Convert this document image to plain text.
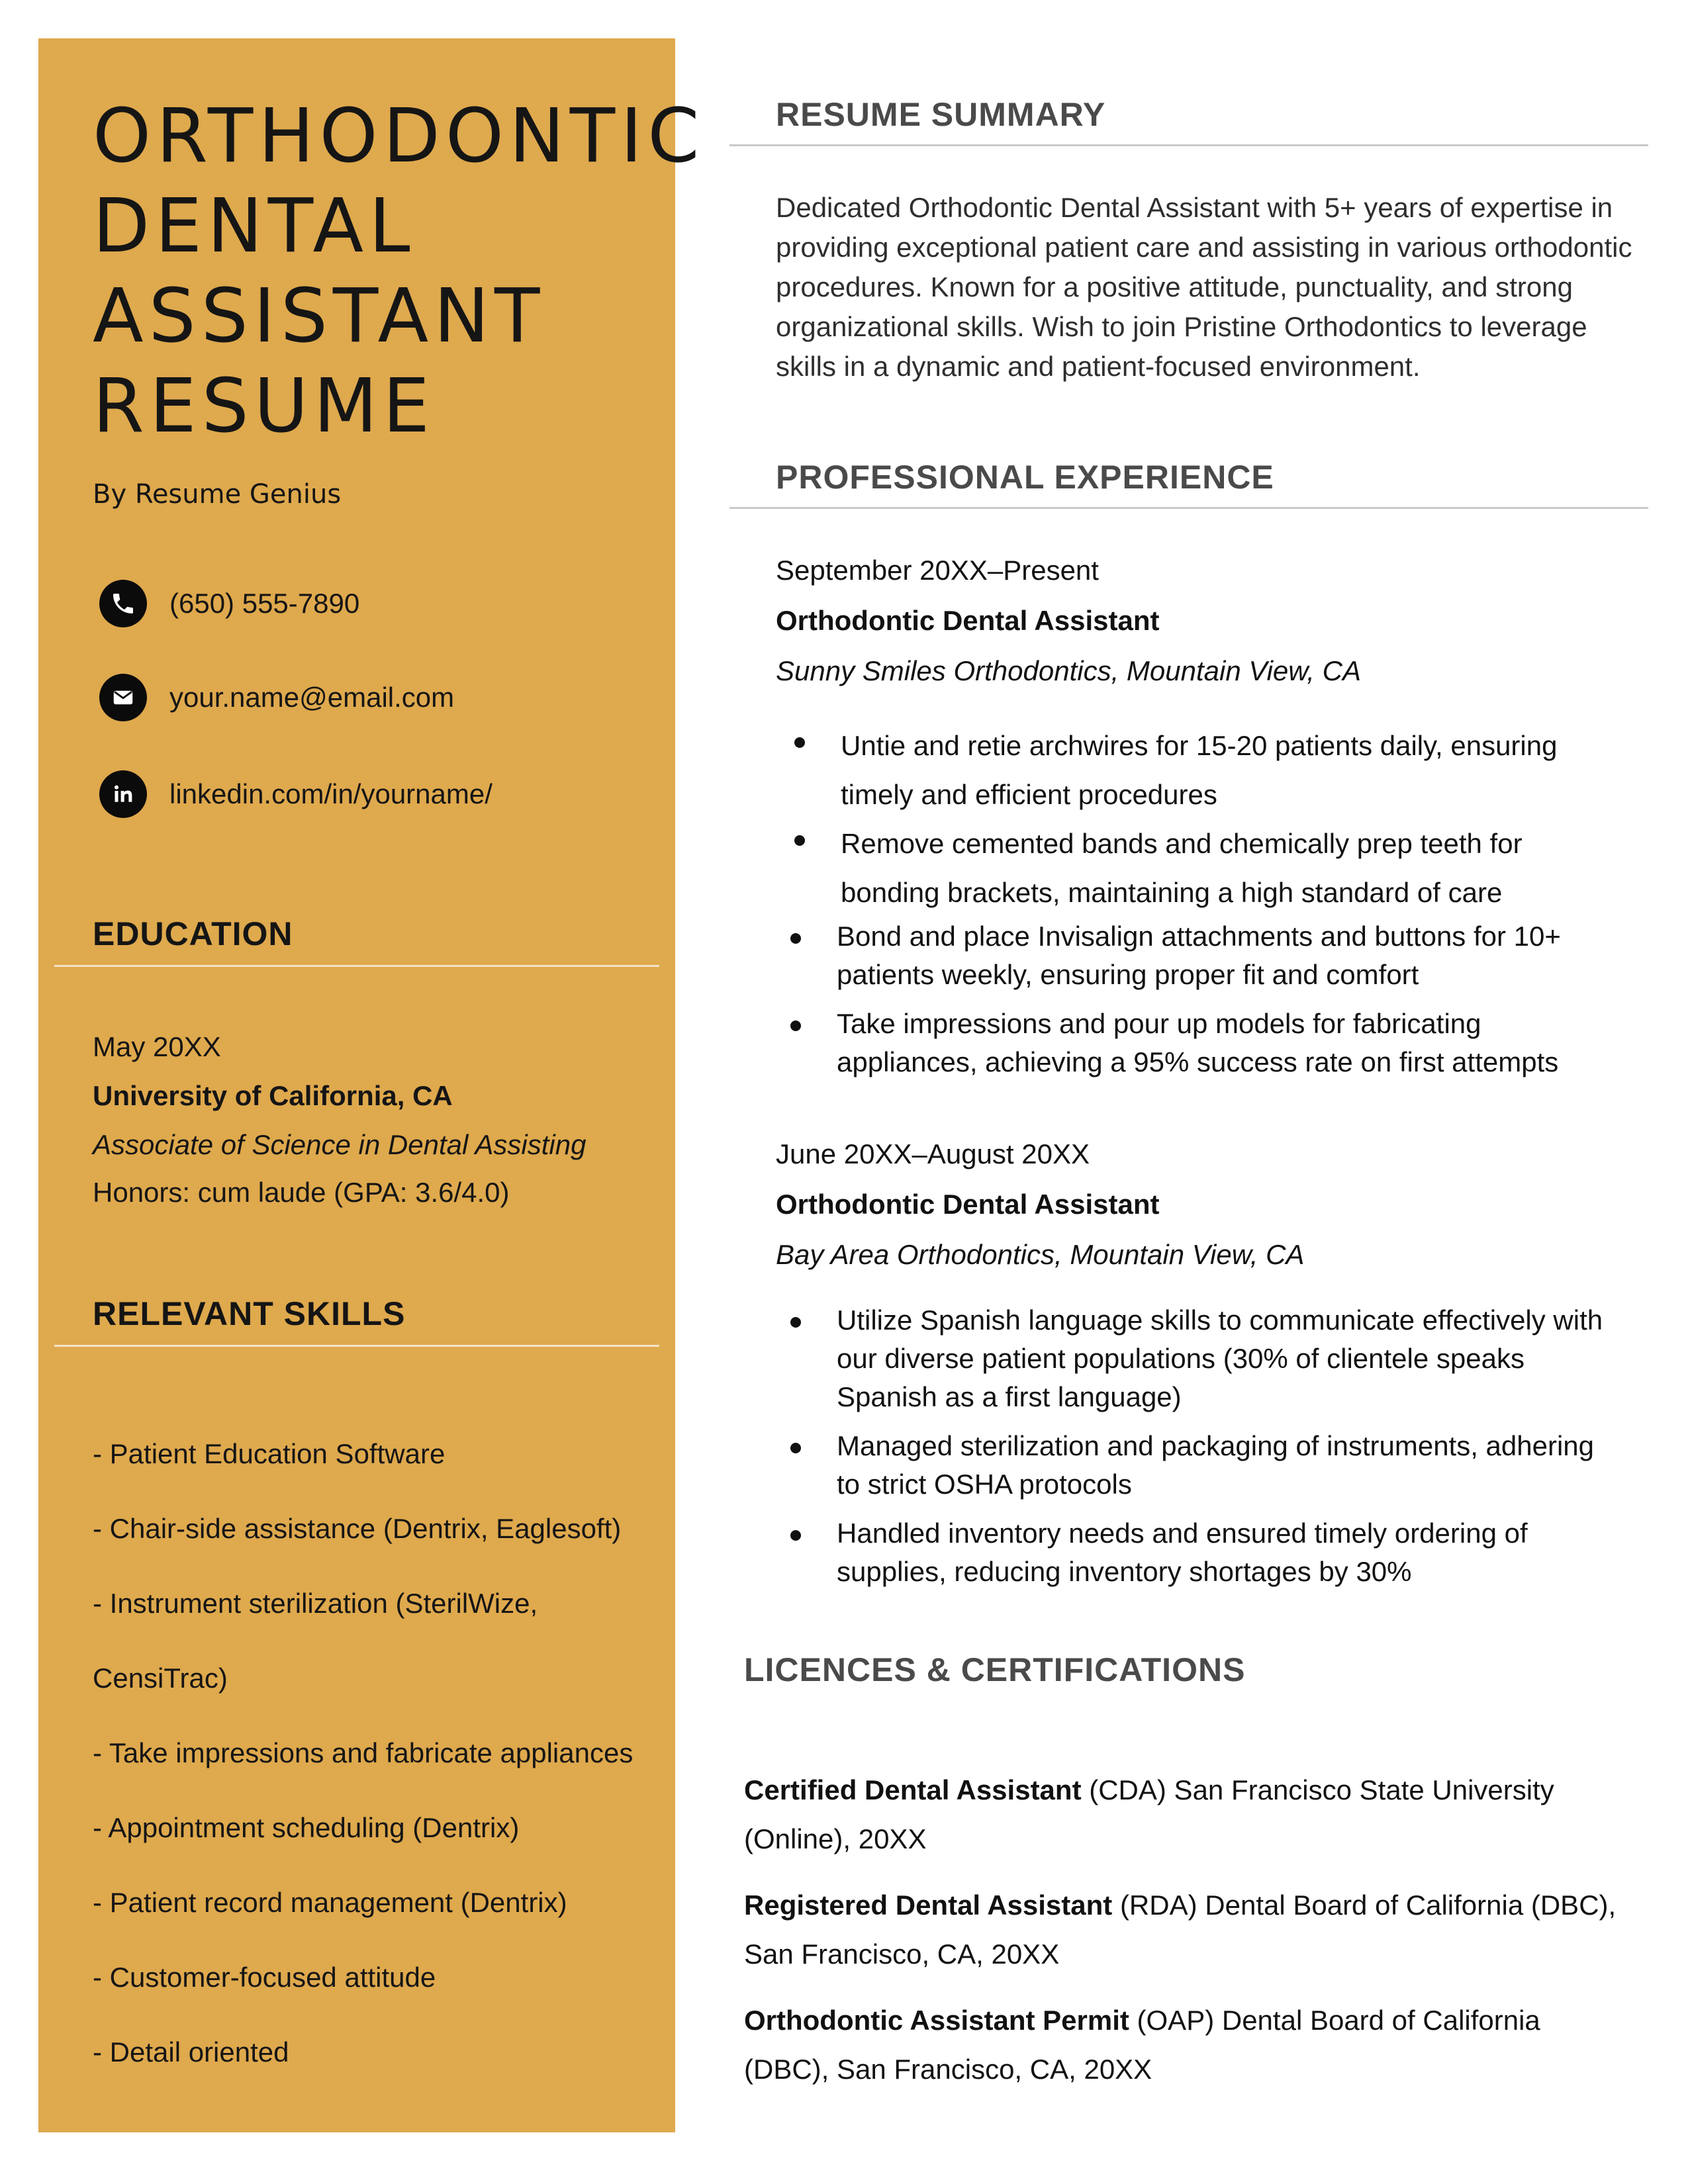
ORTHODONTIC
DENTAL
ASSISTANT
RESUME
By Resume Genius
(650) 555-7890
your.name@email.com
linkedin.com/in/yourname/
EDUCATION
May 20XX
University of California, CA
Associate of Science in Dental Assisting
Honors: cum laude (GPA: 3.6/4.0)
RELEVANT SKILLS
- Patient Education Software
- Chair-side assistance (Dentrix, Eaglesoft)
- Instrument sterilization (SterilWize, CensiTrac)
- Take impressions and fabricate appliances
- Appointment scheduling (Dentrix)
- Patient record management (Dentrix)
- Customer-focused attitude
- Detail oriented
RESUME SUMMARY

Dedicated Orthodontic Dental Assistant with 5+ years of expertise in providing exceptional patient care and assisting in various orthodontic procedures. Known for a positive attitude, punctuality, and strong organizational skills. Wish to join Pristine Orthodontics to leverage skills in a dynamic and patient-focused environment.

PROFESSIONAL EXPERIENCE
September 20XX–Present
Orthodontic Dental Assistant
Sunny Smiles Orthodontics, Mountain View, CA
Untie and retie archwires for 15-20 patients daily, ensuring timely and efficient procedures
Remove cemented bands and chemically prep teeth for bonding brackets, maintaining a high standard of care
Bond and place Invisalign attachments and buttons for 10+ patients weekly, ensuring proper fit and comfort
Take impressions and pour up models for fabricating appliances, achieving a 95% success rate on first attempts
June 20XX–August 20XX
Orthodontic Dental Assistant
Bay Area Orthodontics, Mountain View, CA
Utilize Spanish language skills to communicate effectively with our diverse patient populations (30% of clientele speaks Spanish as a first language)
Managed sterilization and packaging of instruments, adhering to strict OSHA protocols
Handled inventory needs and ensured timely ordering of supplies, reducing inventory shortages by 30%
LICENCES & CERTIFICATIONS

Certified Dental Assistant (CDA) San Francisco State University (Online), 20XX

Registered Dental Assistant (RDA) Dental Board of California (DBC), San Francisco, CA, 20XX

Orthodontic Assistant Permit (OAP) Dental Board of California (DBC), San Francisco, CA, 20XX
